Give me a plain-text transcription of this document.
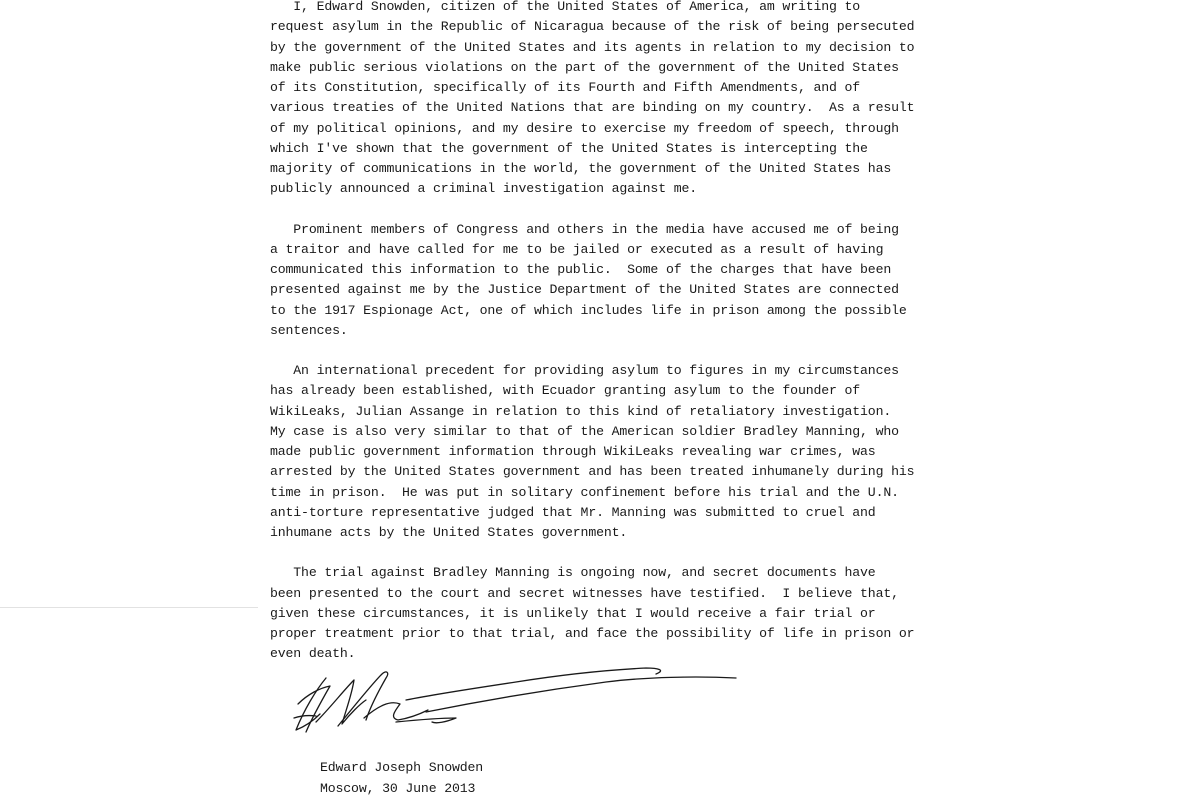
I, Edward Snowden, citizen of the United States of America, am writing to
request asylum in the Republic of Nicaragua because of the risk of being persecuted
by the government of the United States and its agents in relation to my decision to
make public serious violations on the part of the government of the United States
of its Constitution, specifically of its Fourth and Fifth Amendments, and of
various treaties of the United Nations that are binding on my country.  As a result
of my political opinions, and my desire to exercise my freedom of speech, through
which I've shown that the government of the United States is intercepting the
majority of communications in the world, the government of the United States has
publicly announced a criminal investigation against me.
Prominent members of Congress and others in the media have accused me of being
a traitor and have called for me to be jailed or executed as a result of having
communicated this information to the public.  Some of the charges that have been
presented against me by the Justice Department of the United States are connected
to the 1917 Espionage Act, one of which includes life in prison among the possible
sentences.
An international precedent for providing asylum to figures in my circumstances
has already been established, with Ecuador granting asylum to the founder of
WikiLeaks, Julian Assange in relation to this kind of retaliatory investigation.
My case is also very similar to that of the American soldier Bradley Manning, who
made public government information through WikiLeaks revealing war crimes, was
arrested by the United States government and has been treated inhumanely during his
time in prison.  He was put in solitary confinement before his trial and the U.N.
anti-torture representative judged that Mr. Manning was submitted to cruel and
inhumane acts by the United States government.
The trial against Bradley Manning is ongoing now, and secret documents have
been presented to the court and secret witnesses have testified.  I believe that,
given these circumstances, it is unlikely that I would receive a fair trial or
proper treatment prior to that trial, and face the possibility of life in prison or
even death.
Edward Joseph Snowden
Moscow, 30 June 2013
